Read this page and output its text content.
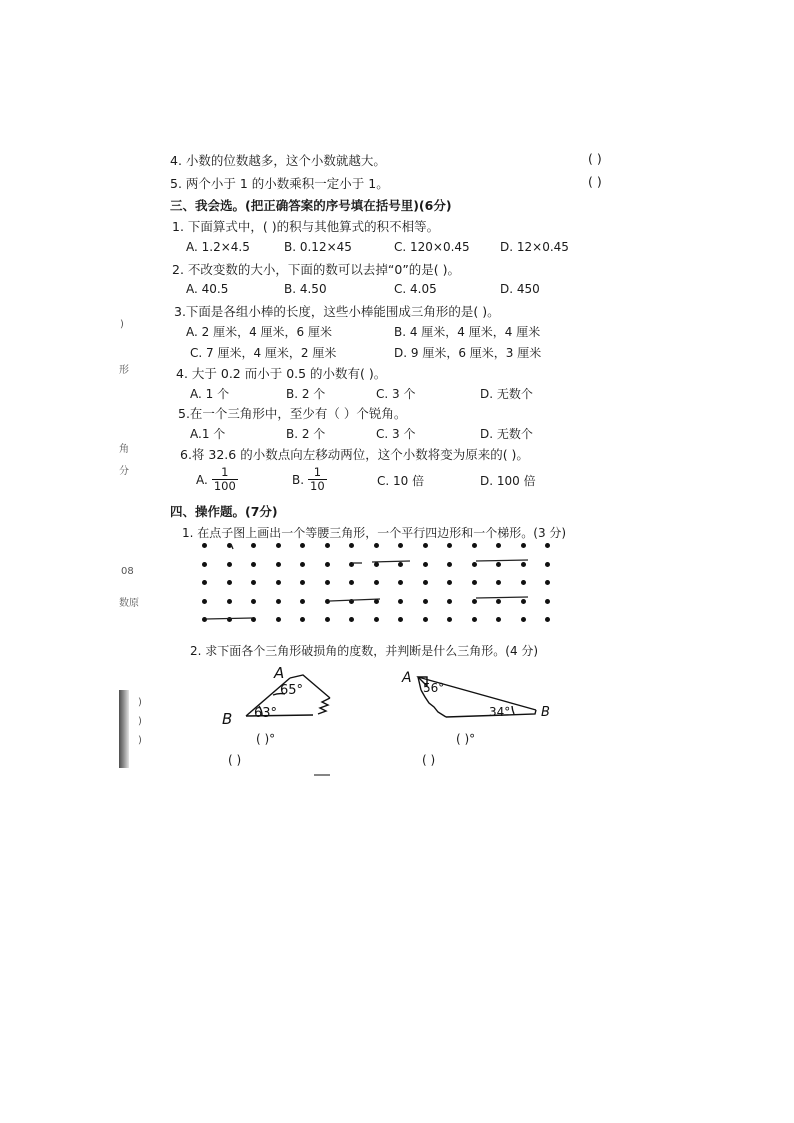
4. 小数的位数越多，这个小数就越大。	( )
5. 两个小于 1 的小数乘积一定小于 1。	( )
三、我会选。(把正确答案的序号填在括号里)(6分)
1. 下面算式中，( )的积与其他算式的积不相等。
A. 1.2×4.5	B. 0.12×45	C. 120×0.45	D. 12×0.45
2. 不改变数的大小，下面的数可以去掉“0”的是( )。
A. 40.5	B. 4.50	C. 4.05	D. 450
3.下面是各组小棒的长度，这些小棒能围成三角形的是( )。
A. 2 厘米，4 厘米，6 厘米	B. 4 厘米，4 厘米，4 厘米
C. 7 厘米，4 厘米，2 厘米	D. 9 厘米，6 厘米，3 厘米
4. 大于 0.2 而小于 0.5 的小数有( )。
A. 1 个	B. 2 个	C. 3 个	D. 无数个
5.在一个三角形中，至少有（ ）个锐角。
A.1 个	B. 2 个	C. 3 个	D. 无数个
6.将 32.6 的小数点向左移动两位，这个小数将变为原来的( )。
A. $\frac{1}{100}$	B. $\frac{1}{10}$	C. 10 倍	D. 100 倍
四、操作题。(7分)
1. 在点子图上画出一个等腰三角形，一个平行四边形和一个梯形。(3 分)
2. 求下面各个三角形破损角的度数，并判断是什么三角形。(4 分)
A
65°
B 63°
A
56°
B
34°
( )°
( )
( )°
( )
)
形
角
分
08
数原
)
)
)
